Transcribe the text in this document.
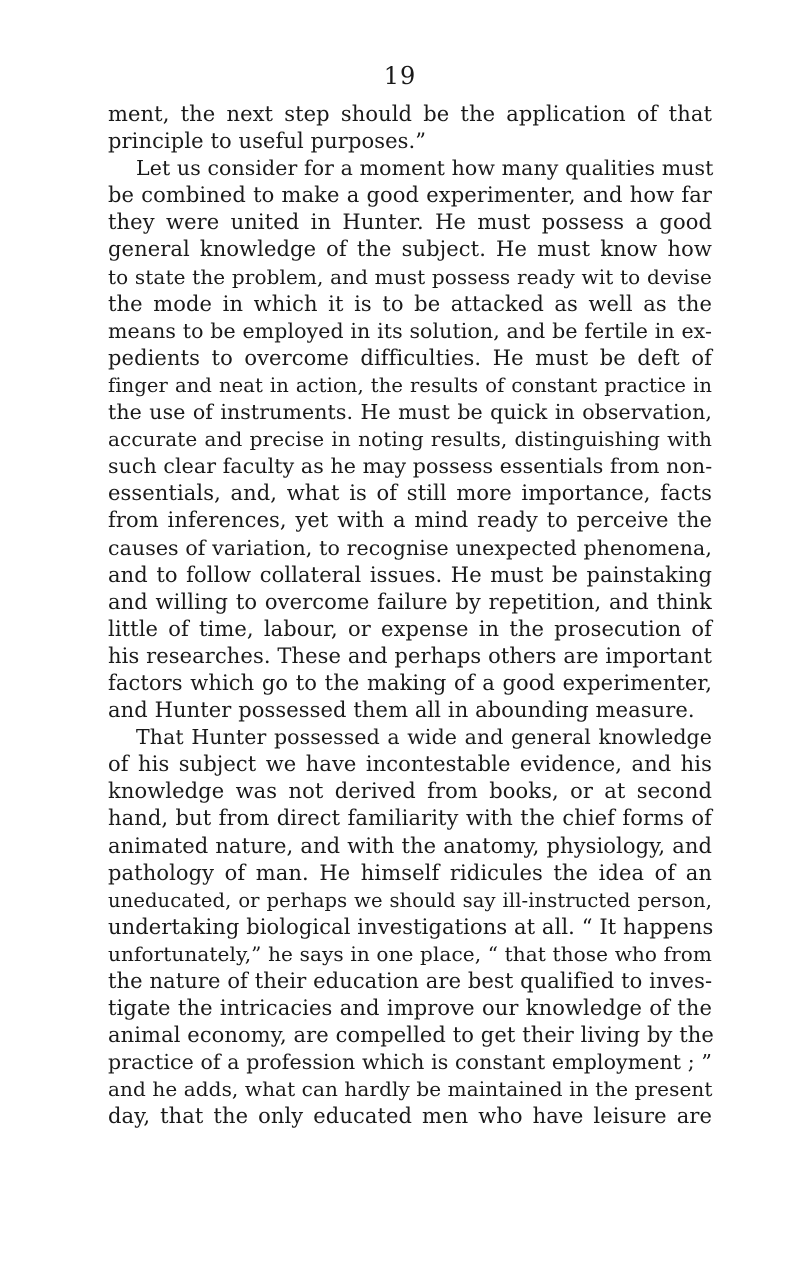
19
ment, the next step should be the application of that
principle to useful purposes.”
Let us consider for a moment how many qualities must
be combined to make a good experimenter, and how far
they were united in Hunter. He must possess a good
general knowledge of the subject. He must know how
to state the problem, and must possess ready wit to devise
the mode in which it is to be attacked as well as the
means to be employed in its solution, and be fertile in ex-
pedients to overcome difficulties. He must be deft of
finger and neat in action, the results of constant practice in
the use of instruments. He must be quick in observation,
accurate and precise in noting results, distinguishing with
such clear faculty as he may possess essentials from non-
essentials, and, what is of still more importance, facts
from inferences, yet with a mind ready to perceive the
causes of variation, to recognise unexpected phenomena,
and to follow collateral issues. He must be painstaking
and willing to overcome failure by repetition, and think
little of time, labour, or expense in the prosecution of
his researches. These and perhaps others are important
factors which go to the making of a good experimenter,
and Hunter possessed them all in abounding measure.
That Hunter possessed a wide and general knowledge
of his subject we have incontestable evidence, and his
knowledge was not derived from books, or at second
hand, but from direct familiarity with the chief forms of
animated nature, and with the anatomy, physiology, and
pathology of man. He himself ridicules the idea of an
uneducated, or perhaps we should say ill-instructed person,
undertaking biological investigations at all. “ It happens
unfortunately,” he says in one place, “ that those who from
the nature of their education are best qualified to inves-
tigate the intricacies and improve our knowledge of the
animal economy, are compelled to get their living by the
practice of a profession which is constant employment ; ”
and he adds, what can hardly be maintained in the present
day, that the only educated men who have leisure are
